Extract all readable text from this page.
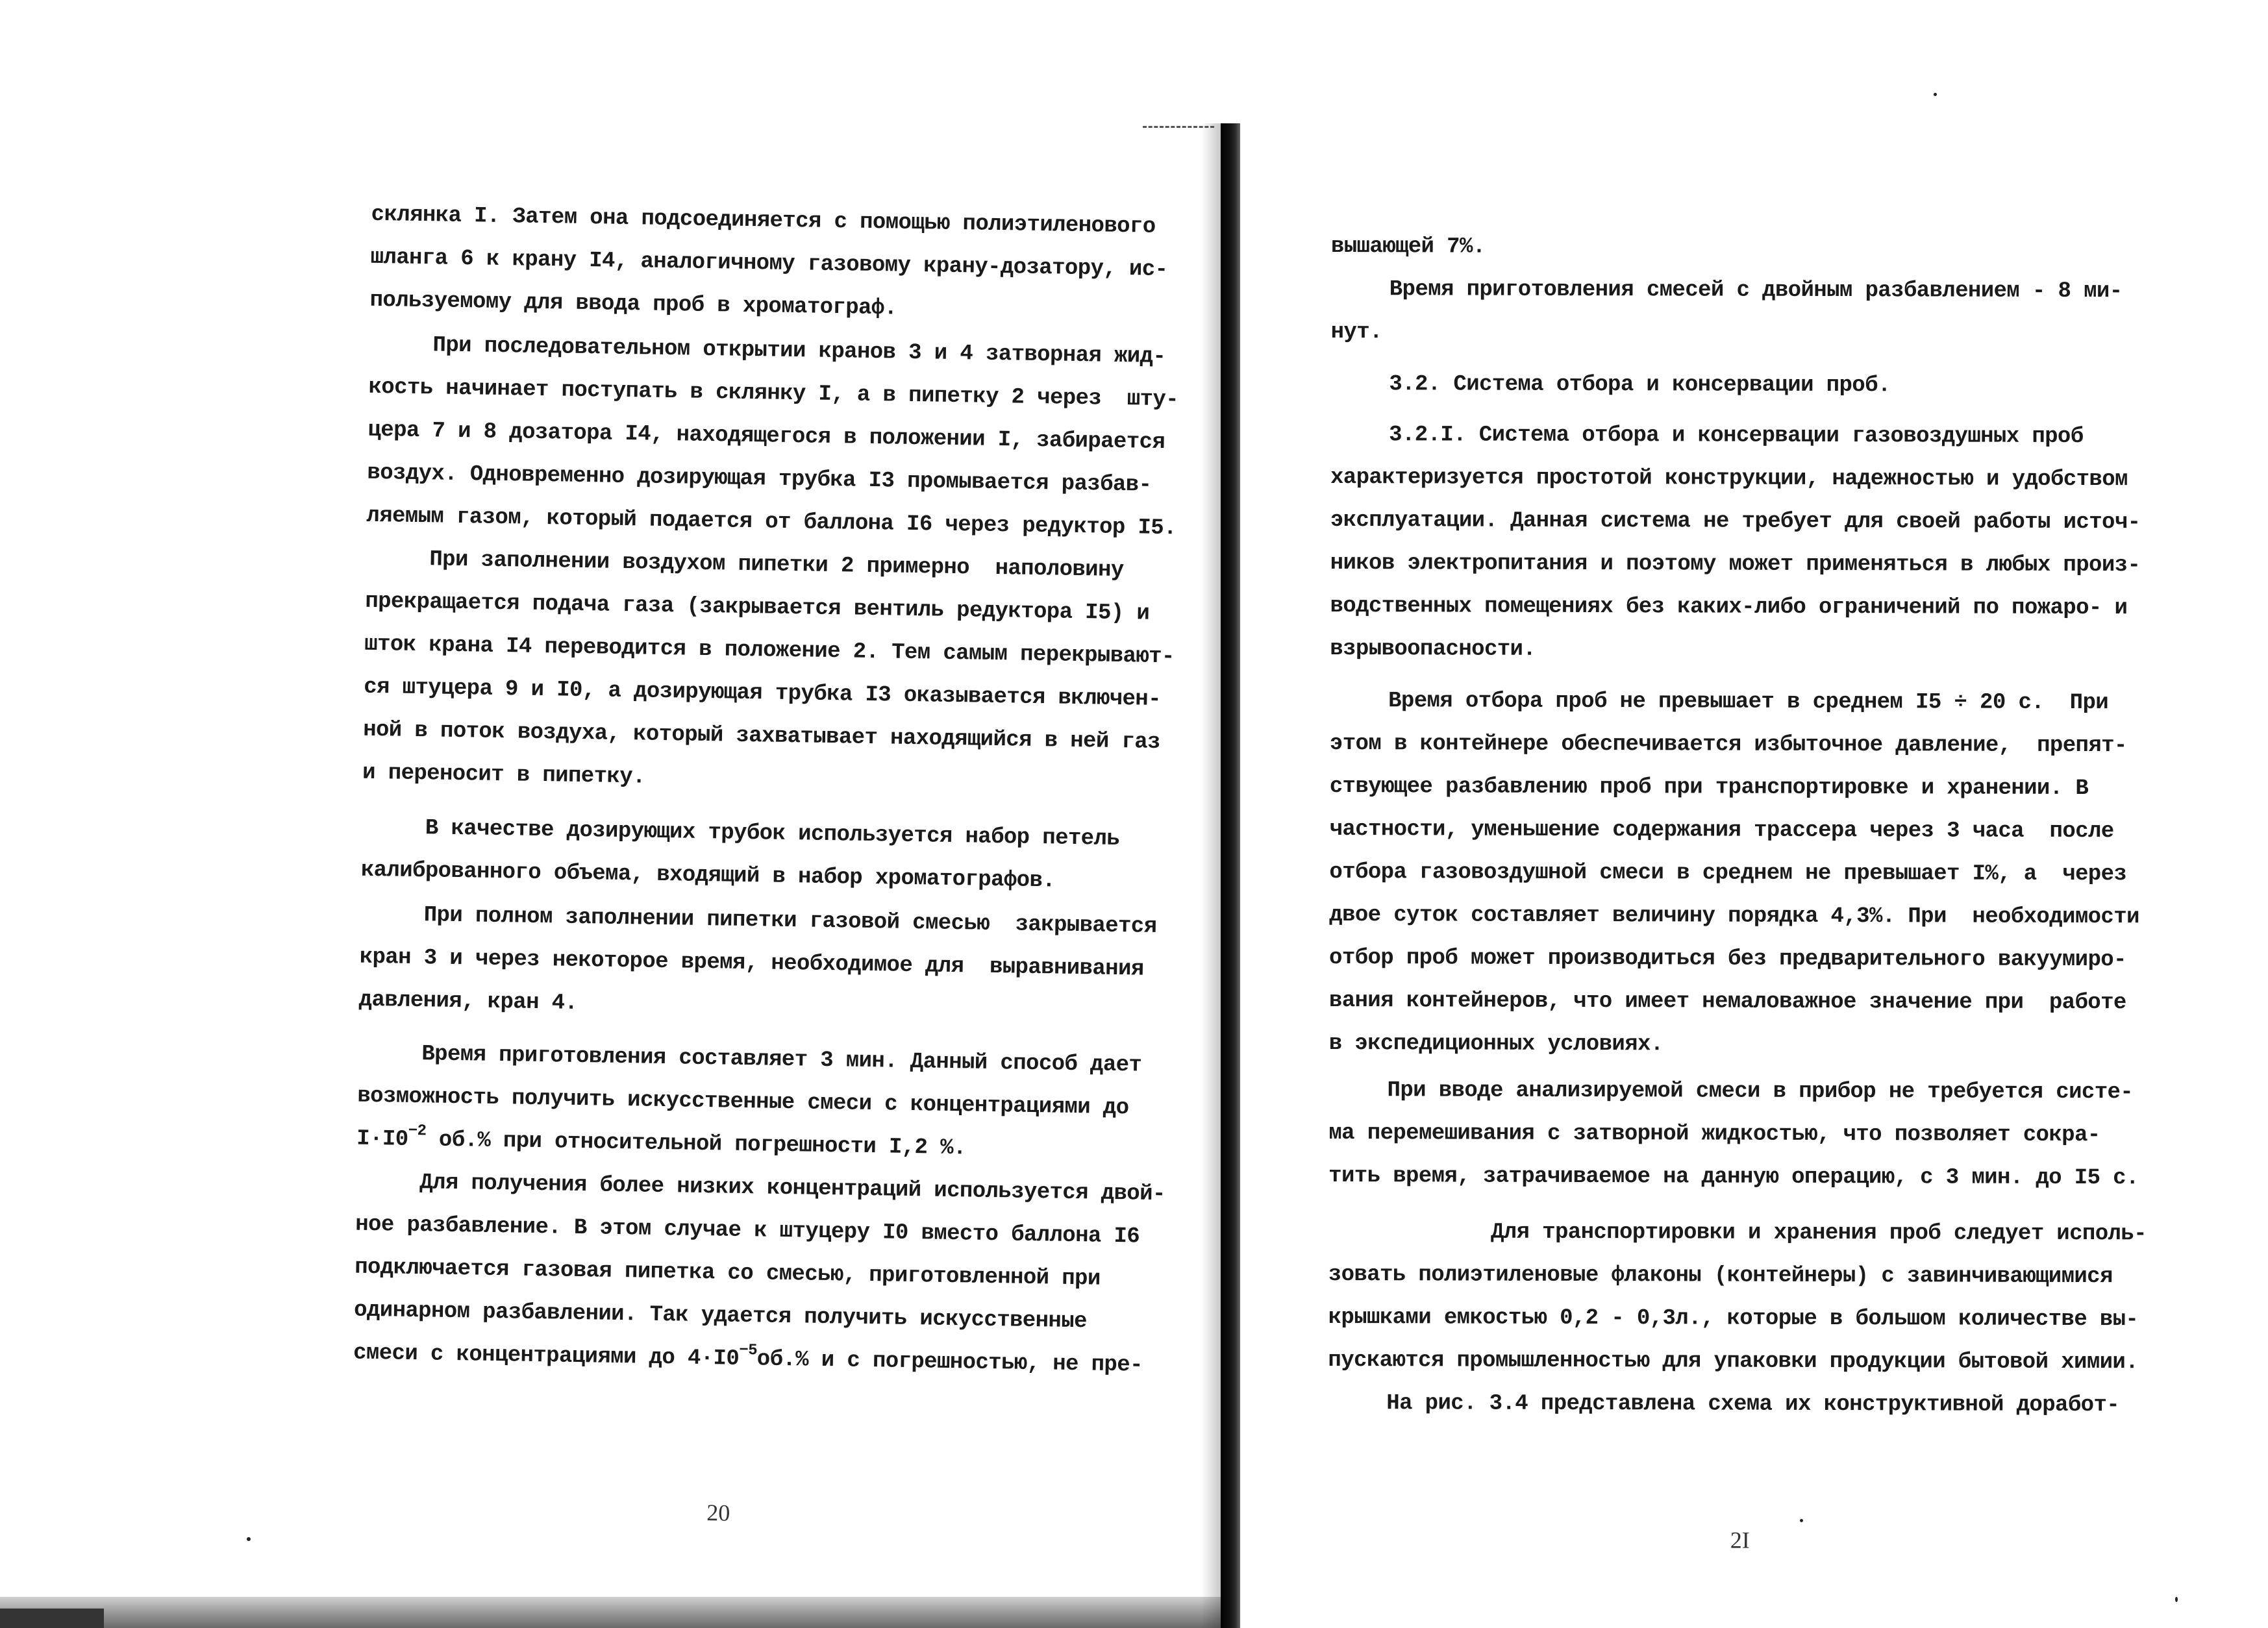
склянка I. Затем она подсоединяется с помощью полиэтиленового
шланга 6 к крану I4, аналогичному газовому крану-дозатору, ис-
пользуемому для ввода проб в хроматограф.
При последовательном открытии кранов 3 и 4 затворная жид-
кость начинает поступать в склянку I, а в пипетку 2 через  шту-
цера 7 и 8 дозатора I4, находящегося в положении I, забирается
воздух. Одновременно дозирующая трубка I3 промывается разбав-
ляемым газом, который подается от баллона I6 через редуктор I5.
При заполнении воздухом пипетки 2 примерно  наполовину
прекращается подача газа (закрывается вентиль редуктора I5) и
шток крана I4 переводится в положение 2. Тем самым перекрывают-
ся штуцера 9 и I0, а дозирующая трубка I3 оказывается включен-
ной в поток воздуха, который захватывает находящийся в ней газ
и переносит в пипетку.
В качестве дозирующих трубок используется набор петель
калиброванного объема, входящий в набор хроматографов.
При полном заполнении пипетки газовой смесью  закрывается
кран 3 и через некоторое время, необходимое для  выравнивания
давления, кран 4.
Время приготовления составляет 3 мин. Данный способ дает
возможность получить искусственные смеси с концентрациями до
$I\cdot I0^{-2}$ об.% при относительной погрешности I,2 %.
Для получения более низких концентраций используется двой-
ное разбавление. В этом случае к штуцеру I0 вместо баллона I6
подключается газовая пипетка со смесью, приготовленной при
одинарном разбавлении. Так удается получить искусственные
смеси с концентрациями до $4\cdot I0^{-5}об.\%$ и с погрешностью, не пре-
20
вышающей 7%.
Время приготовления смесей с двойным разбавлением - 8 ми-
нут.
3.2. Система отбора и консервации проб.
3.2.I. Система отбора и консервации газовоздушных проб
характеризуется простотой конструкции, надежностью и удобством
эксплуатации. Данная система не требует для своей работы источ-
ников электропитания и поэтому может применяться в любых произ-
водственных помещениях без каких-либо ограничений по пожаро- и
взрывоопасности.
Время отбора проб не превышает в среднем I5 ÷ 20 с.  При
этом в контейнере обеспечивается избыточное давление,  препят-
ствующее разбавлению проб при транспортировке и хранении. В
частности, уменьшение содержания трассера через 3 часа  после
отбора газовоздушной смеси в среднем не превышает I%, а  через
двое суток составляет величину порядка 4,3%. При  необходимости
отбор проб может производиться без предварительного вакуумиро-
вания контейнеров, что имеет немаловажное значение при  работе
в экспедиционных условиях.
При вводе анализируемой смеси в прибор не требуется систе-
ма перемешивания с затворной жидкостью, что позволяет сокра-
тить время, затрачиваемое на данную операцию, с 3 мин. до I5 с.
Для транспортировки и хранения проб следует исполь-
зовать полиэтиленовые флаконы (контейнеры) с завинчивающимися
крышками емкостью 0,2 - 0,3л., которые в большом количестве вы-
пускаются промышленностью для упаковки продукции бытовой химии.
На рис. 3.4 представлена схема их конструктивной доработ-
2I
